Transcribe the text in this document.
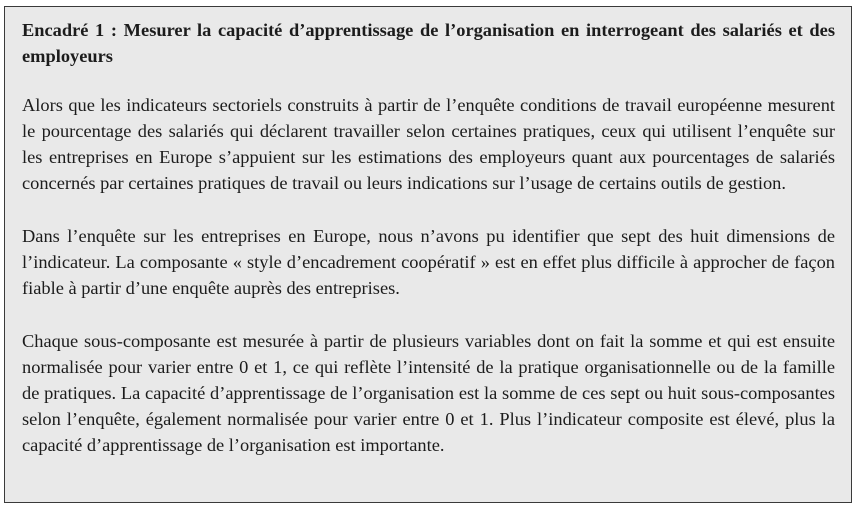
Encadré 1 : Mesurer la capacité d’apprentissage de l’organisation en interrogeant des salariés et des employeurs

Alors que les indicateurs sectoriels construits à partir de l’enquête conditions de travail européenne mesurent le pourcentage des salariés qui déclarent travailler selon certaines pratiques, ceux qui utilisent l’enquête sur les entreprises en Europe s’appuient sur les estimations des employeurs quant aux pourcentages de salariés concernés par certaines pratiques de travail ou leurs indications sur l’usage de certains outils de gestion.

Dans l’enquête sur les entreprises en Europe, nous n’avons pu identifier que sept des huit dimensions de l’indicateur. La composante « style d’encadrement coopératif » est en effet plus difficile à approcher de façon fiable à partir d’une enquête auprès des entreprises.

Chaque sous-composante est mesurée à partir de plusieurs variables dont on fait la somme et qui est ensuite normalisée pour varier entre 0 et 1, ce qui reflète l’intensité de la pratique organisationnelle ou de la famille de pratiques. La capacité d’apprentissage de l’organisation est la somme de ces sept ou huit sous-composantes selon l’enquête, également normalisée pour varier entre 0 et 1. Plus l’indicateur composite est élevé, plus la capacité d’apprentissage de l’organisation est importante.
